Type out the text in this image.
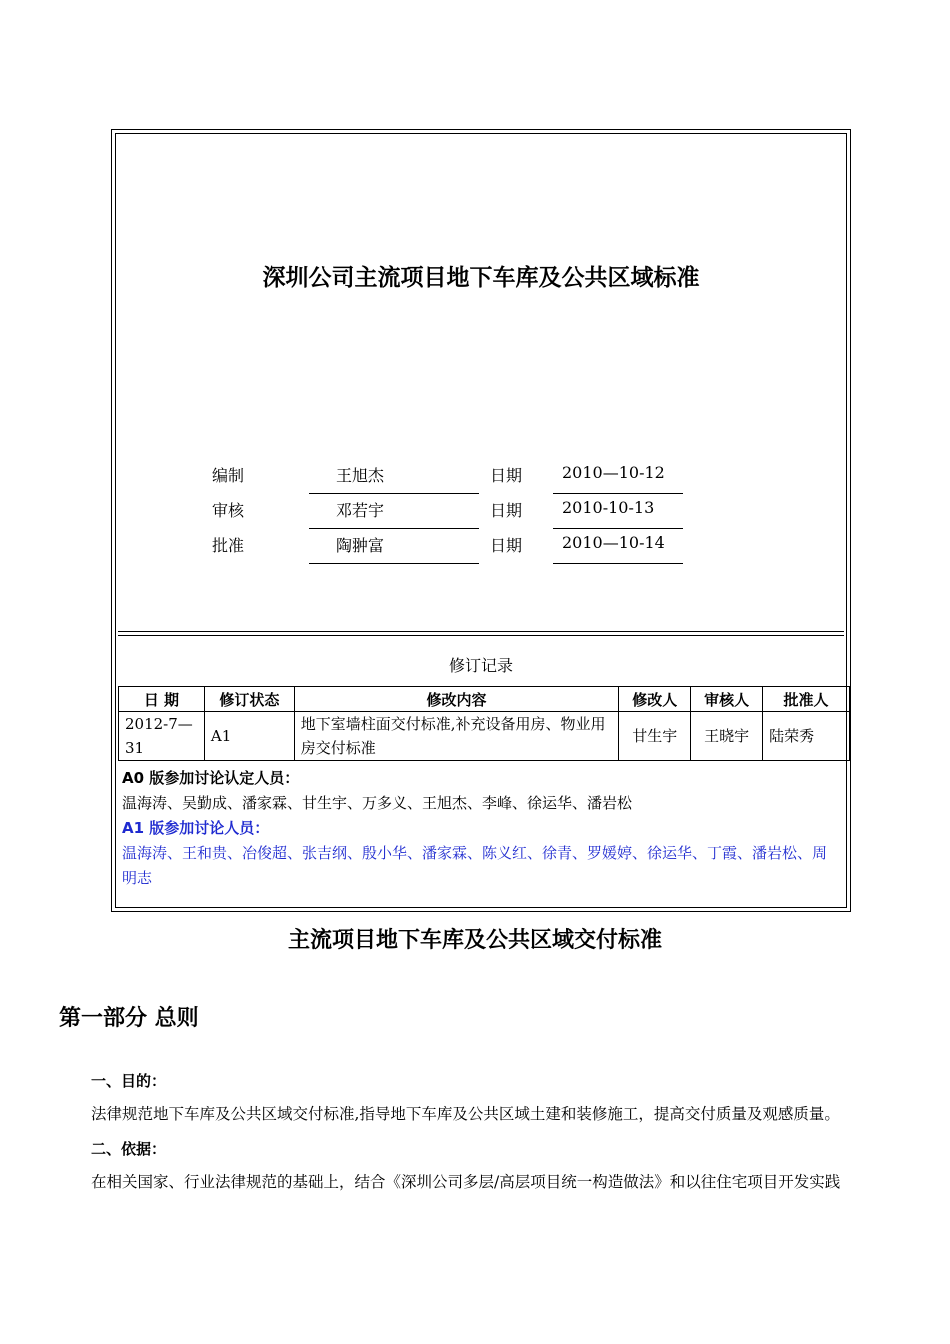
深圳公司主流项目地下车库及公共区域标准
编制	王旭杰	日期 2010—10-12
审核	邓若宇	日期 2010-10-13
批准	陶翀富	日期 2010—10-14
修订记录
日 期	修订状态	修改内容	修改人	审核人	批准人
2012-7—31	A1	地下室墙柱面交付标准,补充设备用房、物业用房交付标准	甘生宇	王晓宇	陆荣秀
A0 版参加讨论认定人员：
温海涛、吴勤成、潘家霖、甘生宇、万多义、王旭杰、李峰、徐运华、潘岩松
A1 版参加讨论人员：
温海涛、王和贵、冶俊超、张吉纲、殷小华、潘家霖、陈义红、徐青、罗媛婷、徐运华、丁霞、潘岩松、周明志
主流项目地下车库及公共区域交付标准
第一部分 总则
一、目的：
法律规范地下车库及公共区域交付标准,指导地下车库及公共区域土建和装修施工，提高交付质量及观感质量。
二、依据：
在相关国家、行业法律规范的基础上，结合《深圳公司多层/高层项目统一构造做法》和以往住宅项目开发实践
